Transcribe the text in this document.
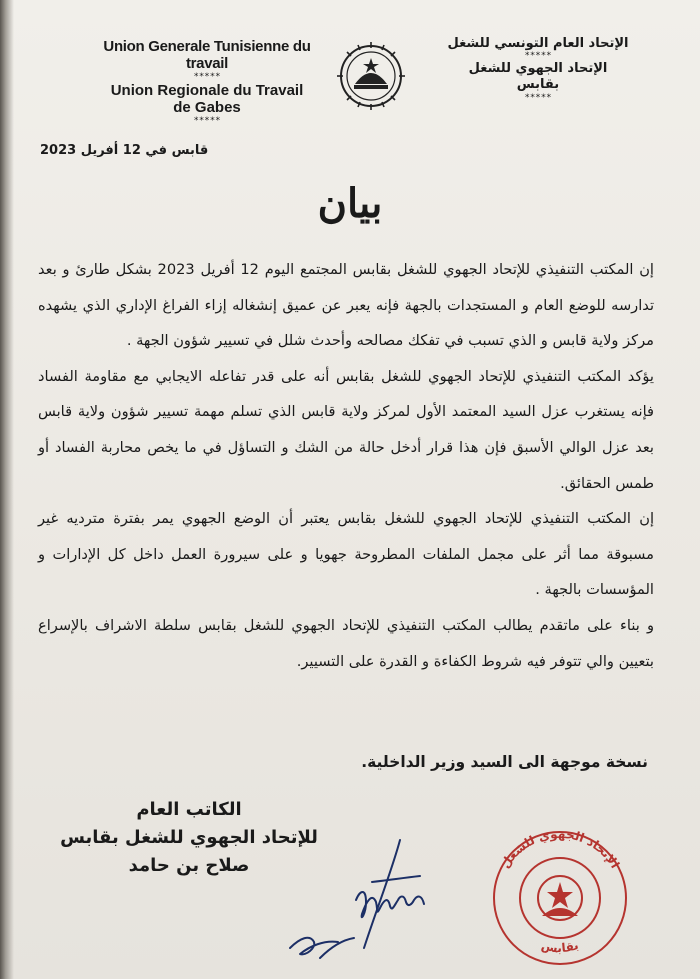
Union Generale Tunisienne du travail
*****
Union Regionale du Travail
de Gabes
*****
الإتحاد العام التونسي للشغل
*****
الإتحاد الجهوي للشغل
بقابس
*****
قابس في 12 أفريل 2023
بيان

إن المكتب التنفيذي للإتحاد الجهوي للشغل بقابس المجتمع اليوم 12 أفريل 2023 بشكل طارئ و بعد تدارسه للوضع العام و المستجدات بالجهة فإنه يعبر عن عميق إنشغاله إزاء الفراغ الإداري الذي يشهده مركز ولاية قابس و الذي تسبب في تفكك مصالحه وأحدث شلل في تسيير شؤون الجهة .

يؤكد المكتب التنفيذي للإتحاد الجهوي للشغل بقابس أنه على قدر تفاعله الايجابي مع مقاومة الفساد فإنه يستغرب عزل السيد المعتمد الأول لمركز ولاية قابس الذي تسلم مهمة تسيير شؤون ولاية قابس بعد عزل الوالي الأسبق فإن هذا قرار أدخل حالة من الشك و التساؤل في ما يخص محاربة الفساد أو طمس الحقائق.

إن المكتب التنفيذي للإتحاد الجهوي للشغل بقابس يعتبر أن الوضع الجهوي يمر بفترة مترديه غير مسبوقة مما أثر على مجمل الملفات المطروحة جهويا و على سيرورة العمل داخل كل الإدارات و المؤسسات بالجهة .

و بناء على ماتقدم يطالب المكتب التنفيذي للإتحاد الجهوي للشغل بقابس سلطة الاشراف بالإسراع بتعيين والي تتوفر فيه شروط الكفاءة و القدرة على التسيير.

نسخة موجهة الى السيد وزير الداخلية.
الكاتب العام
للإتحاد الجهوي للشغل بقابس
صلاح بن حامد	الإتحاد الجهوي للشغل
بقابس
